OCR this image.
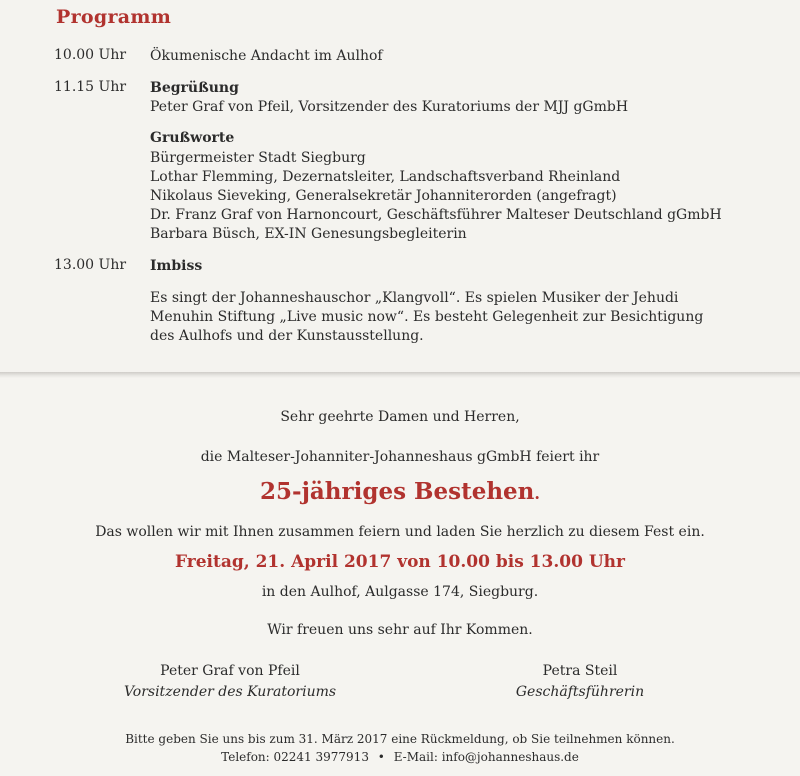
Programm
10.00 Uhr Ökumenische Andacht im Aulhof
11.15 Uhr Begrüßung
Peter Graf von Pfeil, Vorsitzender des Kuratoriums der MJJ gGmbH
Grußworte
Bürgermeister Stadt Siegburg
Lothar Flemming, Dezernatsleiter, Landschaftsverband Rheinland
Nikolaus Sieveking, Generalsekretär Johanniterorden (angefragt)
Dr. Franz Graf von Harnoncourt, Geschäftsführer Malteser Deutschland gGmbH
Barbara Büsch, EX-IN Genesungsbegleiterin
13.00 Uhr Imbiss
Es singt der Johanneshauschor „Klangvoll“. Es spielen Musiker der Jehudi
Menuhin Stiftung „Live music now“. Es besteht Gelegenheit zur Besichtigung
des Aulhofs und der Kunstausstellung.
Sehr geehrte Damen und Herren,
die Malteser-Johanniter-Johanneshaus gGmbH feiert ihr
25-jähriges Bestehen.
Das wollen wir mit Ihnen zusammen feiern und laden Sie herzlich zu diesem Fest ein.
Freitag, 21. April 2017 von 10.00 bis 13.00 Uhr
in den Aulhof, Aulgasse 174, Siegburg.
Wir freuen uns sehr auf Ihr Kommen.
Peter Graf von Pfeil
Vorsitzender des Kuratoriums
Petra Steil
Geschäftsführerin
Bitte geben Sie uns bis zum 31. März 2017 eine Rückmeldung, ob Sie teilnehmen können.
Telefon: 02241 3977913 • E-Mail: info@johanneshaus.de
